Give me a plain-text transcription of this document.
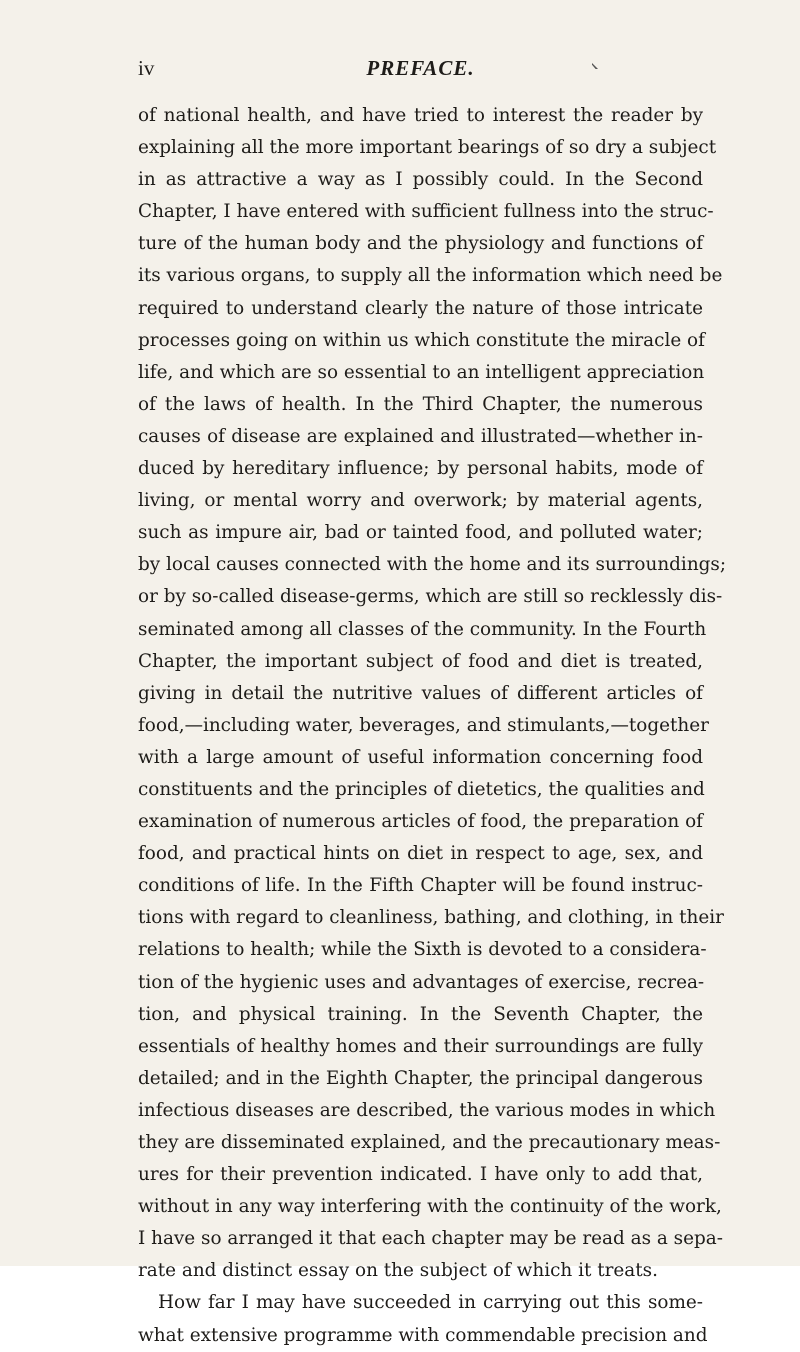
iv	PREFACE.
of national health, and have tried to interest the reader by
explaining all the more important bearings of so dry a subject
in as attractive a way as I possibly could. In the Second
Chapter, I have entered with sufficient fullness into the struc-
ture of the human body and the physiology and functions of
its various organs, to supply all the information which need be
required to understand clearly the nature of those intricate
processes going on within us which constitute the miracle of
life, and which are so essential to an intelligent appreciation
of the laws of health. In the Third Chapter, the numerous
causes of disease are explained and illustrated—whether in-
duced by hereditary influence; by personal habits, mode of
living, or mental worry and overwork; by material agents,
such as impure air, bad or tainted food, and polluted water;
by local causes connected with the home and its surroundings;
or by so-called disease-germs, which are still so recklessly dis-
seminated among all classes of the community. In the Fourth
Chapter, the important subject of food and diet is treated,
giving in detail the nutritive values of different articles of
food,—including water, beverages, and stimulants,—together
with a large amount of useful information concerning food
constituents and the principles of dietetics, the qualities and
examination of numerous articles of food, the preparation of
food, and practical hints on diet in respect to age, sex, and
conditions of life. In the Fifth Chapter will be found instruc-
tions with regard to cleanliness, bathing, and clothing, in their
relations to health; while the Sixth is devoted to a considera-
tion of the hygienic uses and advantages of exercise, recrea-
tion, and physical training. In the Seventh Chapter, the
essentials of healthy homes and their surroundings are fully
detailed; and in the Eighth Chapter, the principal dangerous
infectious diseases are described, the various modes in which
they are disseminated explained, and the precautionary meas-
ures for their prevention indicated. I have only to add that,
without in any way interfering with the continuity of the work,
I have so arranged it that each chapter may be read as a sepa-
rate and distinct essay on the subject of which it treats.
How far I may have succeeded in carrying out this some-
what extensive programme with commendable precision and
